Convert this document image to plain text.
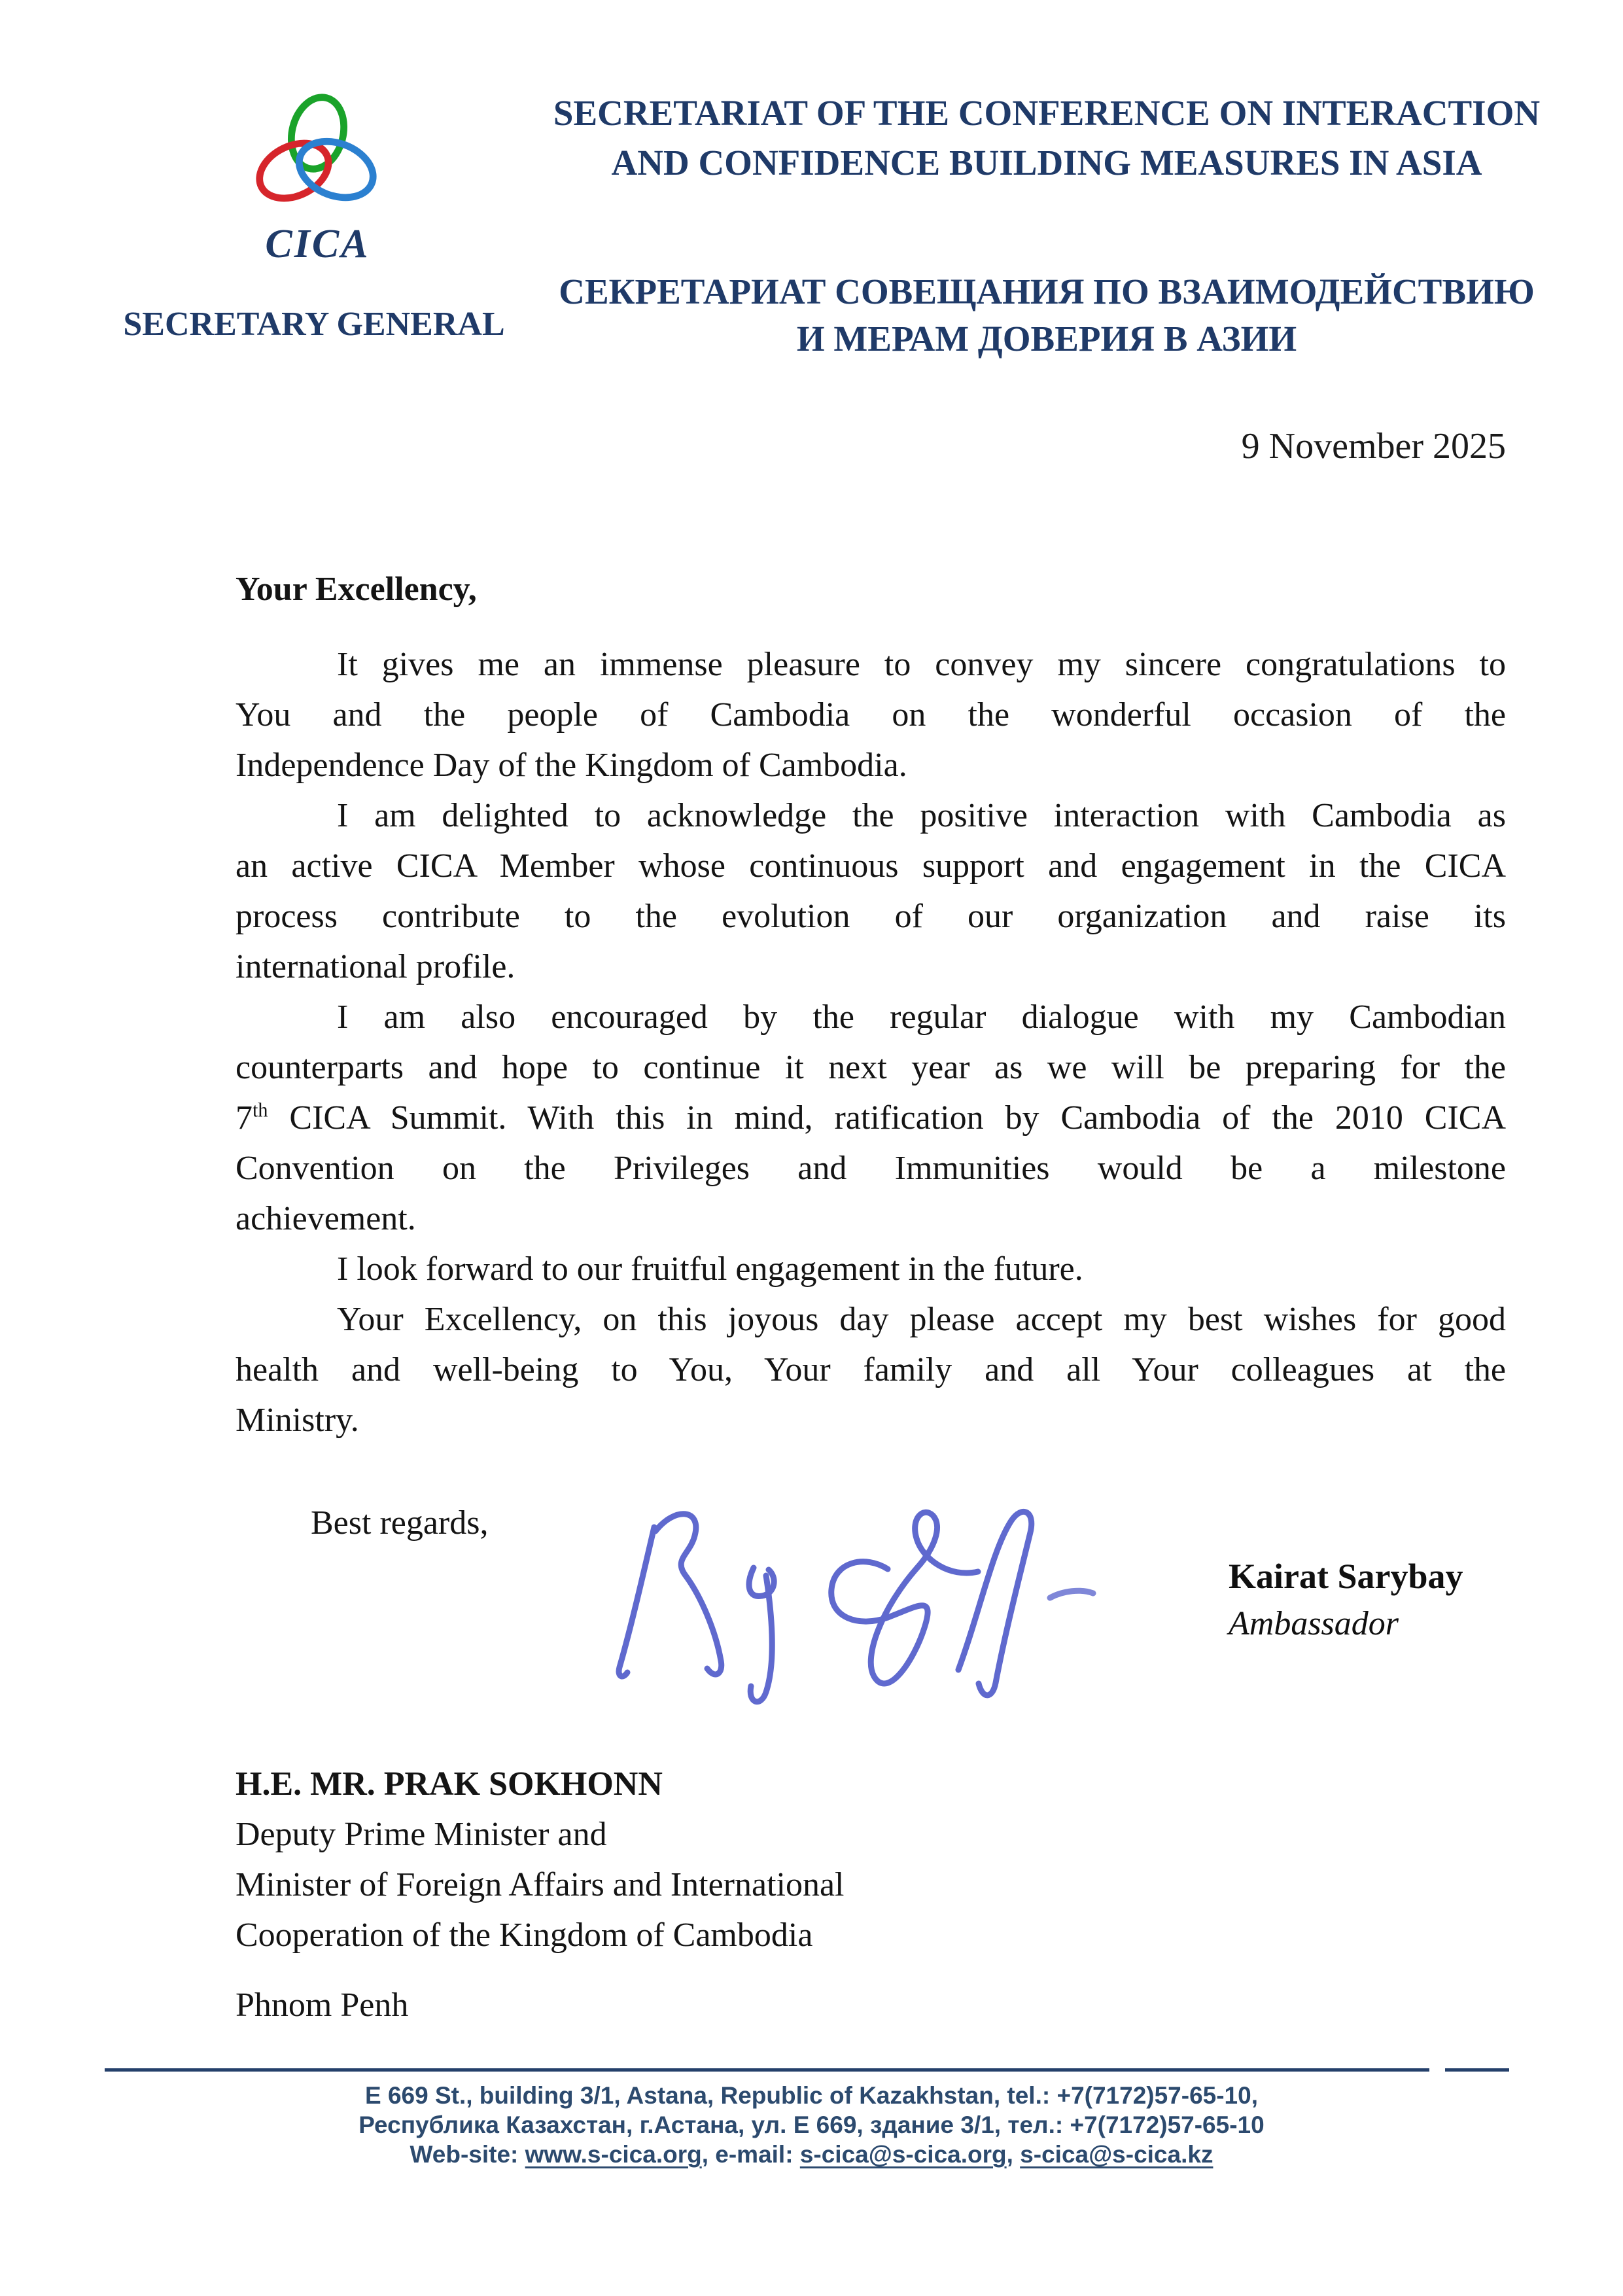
CICA
SECRETARY GENERAL
SECRETARIAT OF THE CONFERENCE ON INTERACTION
AND CONFIDENCE BUILDING MEASURES IN ASIA
СЕКРЕТАРИАТ СОВЕЩАНИЯ ПО ВЗАИМОДЕЙСТВИЮ
И МЕРАМ ДОВЕРИЯ В АЗИИ
9 November 2025
Your Excellency,
It gives me an immense pleasure to convey my sincere congratulations to
You and the people of Cambodia on the wonderful occasion of the
Independence Day of the Kingdom of Cambodia.
I am delighted to acknowledge the positive interaction with Cambodia as
an active CICA Member whose continuous support and engagement in the CICA
process contribute to the evolution of our organization and raise its
international profile.
I am also encouraged by the regular dialogue with my Cambodian
counterparts and hope to continue it next year as we will be preparing for the
7th CICA Summit. With this in mind, ratification by Cambodia of the 2010 CICA
Convention on the Privileges and Immunities would be a milestone
achievement.
I look forward to our fruitful engagement in the future.
Your Excellency, on this joyous day please accept my best wishes for good
health and well-being to You, Your family and all Your colleagues at the
Ministry.
Best regards,
Kairat Sarybay
Ambassador
H.E. MR. PRAK SOKHONN
Deputy Prime Minister and
Minister of Foreign Affairs and International
Cooperation of the Kingdom of Cambodia
Phnom Penh
E 669 St., building 3/1, Astana, Republic of Kazakhstan, tel.: +7(7172)57-65-10,
Республика Казахстан, г.Астана, ул. Е 669, здание 3/1, тел.: +7(7172)57-65-10
Web-site: www.s-cica.org, e-mail: s-cica@s-cica.org, s-cica@s-cica.kz
